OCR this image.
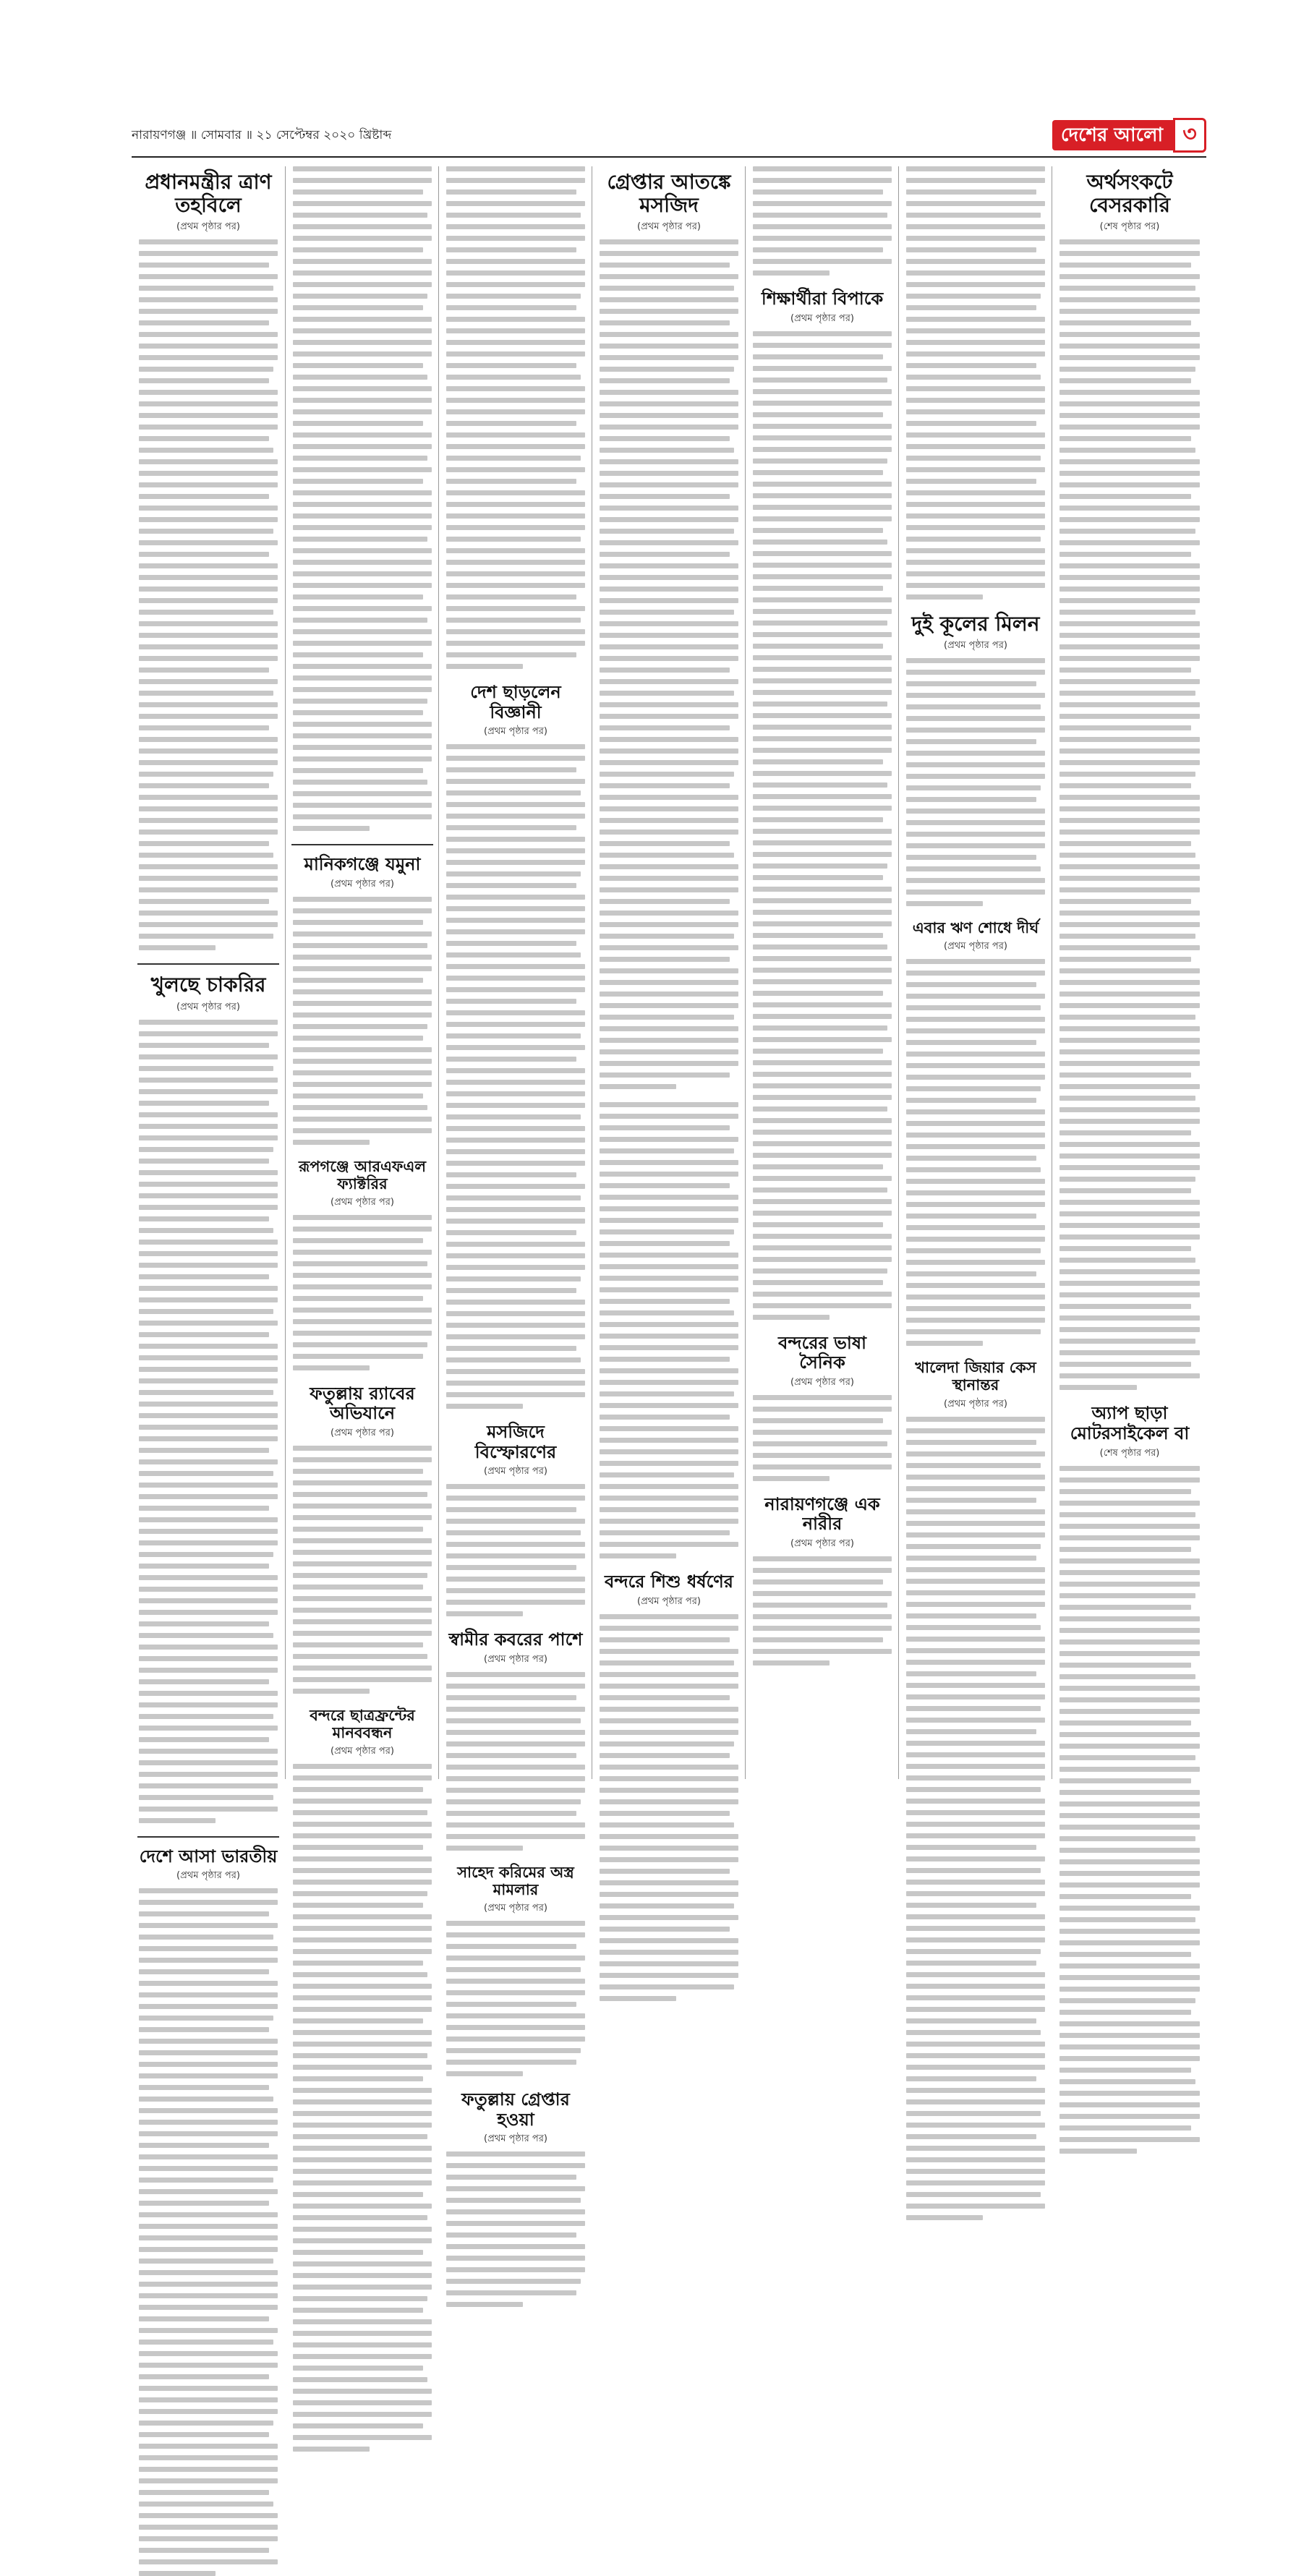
নারায়ণগঞ্জ ॥ সোমবার ॥ ২১ সেপ্টেম্বর ২০২০ খ্রিষ্টাব্দ	দেশের আলো ৩
প্রধানমন্ত্রীর ত্রাণ তহবিলে
(প্রথম পৃষ্ঠার পর)
খুলছে চাকরির
(প্রথম পৃষ্ঠার পর)
দেশে আসা ভারতীয়
(প্রথম পৃষ্ঠার পর)
মানিকগঞ্জে যমুনা
(প্রথম পৃষ্ঠার পর)
রূপগঞ্জে আরএফএল ফ্যাক্টরির
(প্রথম পৃষ্ঠার পর)
ফতুল্লায় র‍্যাবের অভিযানে
(প্রথম পৃষ্ঠার পর)
বন্দরে ছাত্রফ্রন্টের মানববন্ধন
(প্রথম পৃষ্ঠার পর)
দেশ ছাড়লেন বিজ্ঞানী
(প্রথম পৃষ্ঠার পর)
মসজিদে বিস্ফোরণের
(প্রথম পৃষ্ঠার পর)
স্বামীর কবরের পাশে
(প্রথম পৃষ্ঠার পর)
সাহেদ করিমের অস্ত্র মামলার
(প্রথম পৃষ্ঠার পর)
ফতুল্লায় গ্রেপ্তার হওয়া
(প্রথম পৃষ্ঠার পর)
গ্রেপ্তার আতঙ্কে মসজিদ
(প্রথম পৃষ্ঠার পর)
বন্দরে শিশু ধর্ষণের
(প্রথম পৃষ্ঠার পর)
শিক্ষার্থীরা বিপাকে
(প্রথম পৃষ্ঠার পর)
বন্দরের ভাষা সৈনিক
(প্রথম পৃষ্ঠার পর)
নারায়ণগঞ্জে এক নারীর
(প্রথম পৃষ্ঠার পর)
দুই কূলের মিলন
(প্রথম পৃষ্ঠার পর)
এবার ঋণ শোধে দীর্ঘ
(প্রথম পৃষ্ঠার পর)
খালেদা জিয়ার কেস স্থানান্তর
(প্রথম পৃষ্ঠার পর)
অর্থসংকটে বেসরকারি
(শেষ পৃষ্ঠার পর)
অ্যাপ ছাড়া মোটরসাইকেল বা
(শেষ পৃষ্ঠার পর)
